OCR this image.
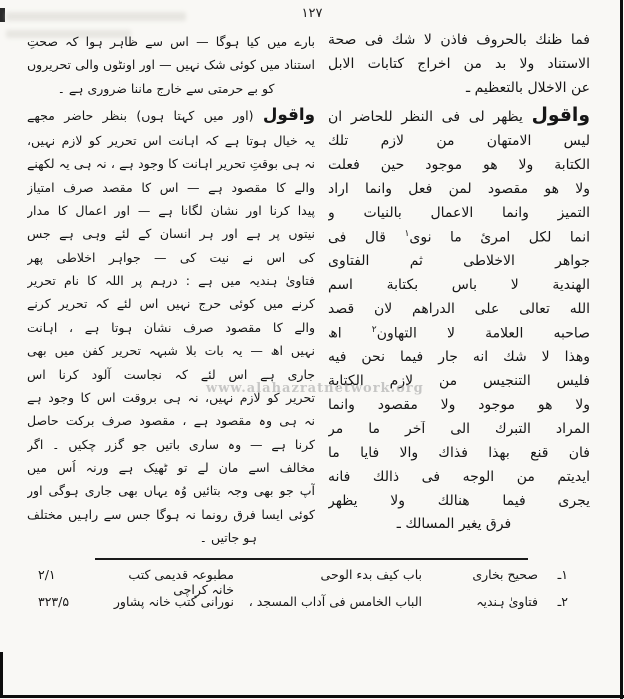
۱۲۷
فما ظنك بالحروف فاذن لا شك فى صحة
الاستناد ولا بد من اخراج كتابات الابل
عن الاخلال بالتعظيم ـ
واقول يظهر لى فى النظر للحاضر ان
ليس الامتهان من لازم تلك
الكتابة ولا هو موجود حين فعلت
ولا هو مقصود لمن فعل وانما اراد
التميز وانما الاعمال بالنيات و
انما لكل امرئ ما نوى$^۱$ قال فى
جواهر الاخلاطى ثم الفتاوى
الهندية لا باس بكتابة اسم
الله تعالى على الدراهم لان قصد
صاحبه العلامة لا التهاون$^۲$ اھ
وهذا لا شك انه جار فيما نحن فيه
فليس التنجيس من لازم الكتابة
ولا هو موجود ولا مقصود وانما
المراد التبرك الى آخر ما مر
فان قنع بهذا فذاك والا فايا ما
ايديتم من الوجه فى ذالك فانه
يجرى فيما هنالك ولا يظهر
فرق يغير المسالك ـ
بارے میں کیا ہوگا — اس سے ظاہر ہوا کہ صحتِ
استناد میں کوئی شک نہیں — اور اونٹوں والی تحریروں
کو بے حرمتی سے خارج ماننا ضروری ہے ۔
واقول (اور میں کہتا ہوں) بنظر حاضر مجھے
یہ خیال ہوتا ہے کہ اہانت اس تحریر کو لازم نہیں،
نہ ہی بوقتِ تحریر اہانت کا وجود ہے ، نہ ہی یہ لکھنے
والے کا مقصود ہے — اس کا مقصد صرف امتیاز
پیدا کرنا اور نشان لگانا ہے — اور اعمال کا مدار
نیتوں پر ہے اور ہر انسان کے لئے وہی ہے جس
کی اس نے نیت کی — جواہر اخلاطی پھر
فتاویٰ ہندیہ میں ہے : درہم پر اللہ کا نام تحریر
کرنے میں کوئی حرج نہیں اس لئے کہ تحریر کرنے
والے کا مقصود صرف نشان ہوتا ہے ، اہانت
نہیں اھ — یہ بات بلا شبہہ تحریر کفن میں بھی
جاری ہے اس لئے کہ نجاست آلود کرنا اس
تحریر کو لازم نہیں، نہ ہی بروقت اس کا وجود ہے
نہ ہی وہ مقصود ہے ، مقصود صرف برکت حاصل
کرنا ہے — وہ ساری باتیں جو گزر چکیں ۔ اگر
مخالف اسے مان لے تو ٹھیک ہے ورنہ اُس میں
آپ جو بھی وجہ بتائیں وُہ یہاں بھی جاری ہوگی اور
کوئی ایسا فرق رونما نہ ہوگا جس سے راہیں مختلف
ہو جاتیں ۔
www.alahazratnetwork.org
۱ـ
صحیح بخاری
باب کیف بدء الوحی
مطبوعہ قدیمی کتب خانہ کراچی
۲/۱
۲ـ
فتاویٰ ہندیہ
الباب الخامس فی آداب المسجد ،
نورانی کتب خانہ پشاور
۳۲۳/۵
